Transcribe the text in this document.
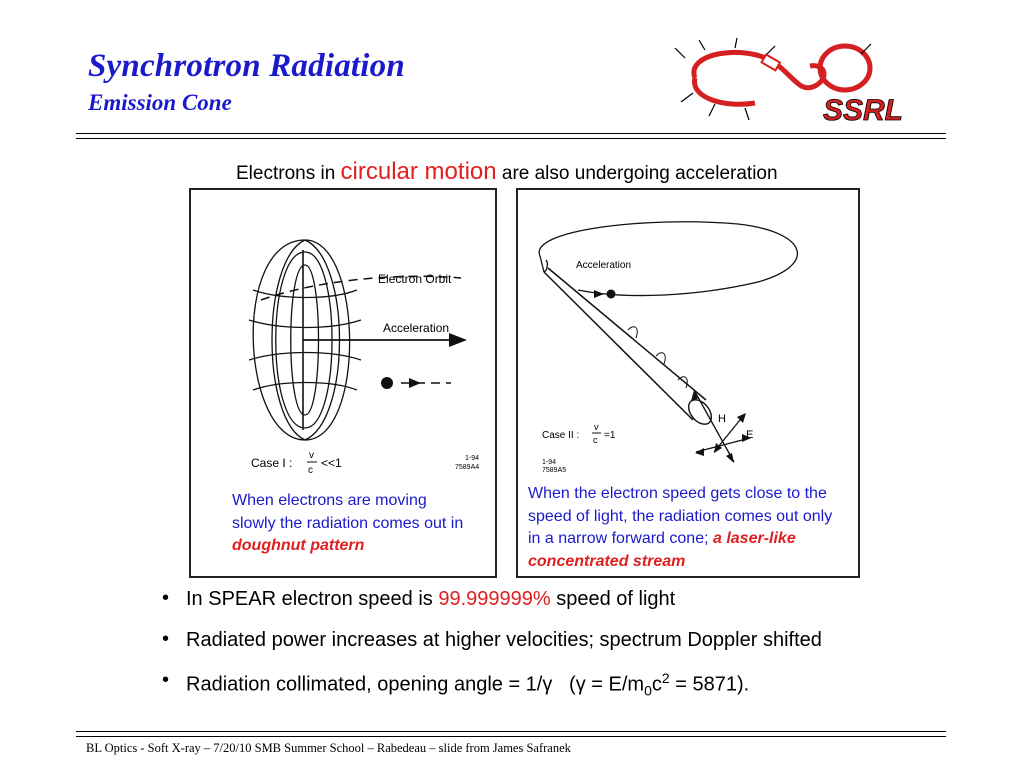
Synchrotron Radiation
Emission Cone	SSRL
Electrons in circular motion are also undergoing acceleration
Electron Orbit
Acceleration
Case I :
v
c
<<1	1-94
7589A4
When electrons are moving slowly the radiation comes out in doughnut pattern
Acceleration
H
E
Case II :
v
c =1
1-94
7589A5
When the electron speed gets close to the speed of light, the radiation comes out only in a narrow forward cone; a laser-like concentrated stream
• In SPEAR electron speed is 99.999999% speed of light
• Radiated power increases at higher velocities; spectrum Doppler shifted
• Radiation collimated, opening angle = 1/γ   $(\gamma = E/m_0c^2 = 5871)$.
BL Optics - Soft X-ray – 7/20/10 SMB Summer School – Rabedeau – slide from James Safranek
